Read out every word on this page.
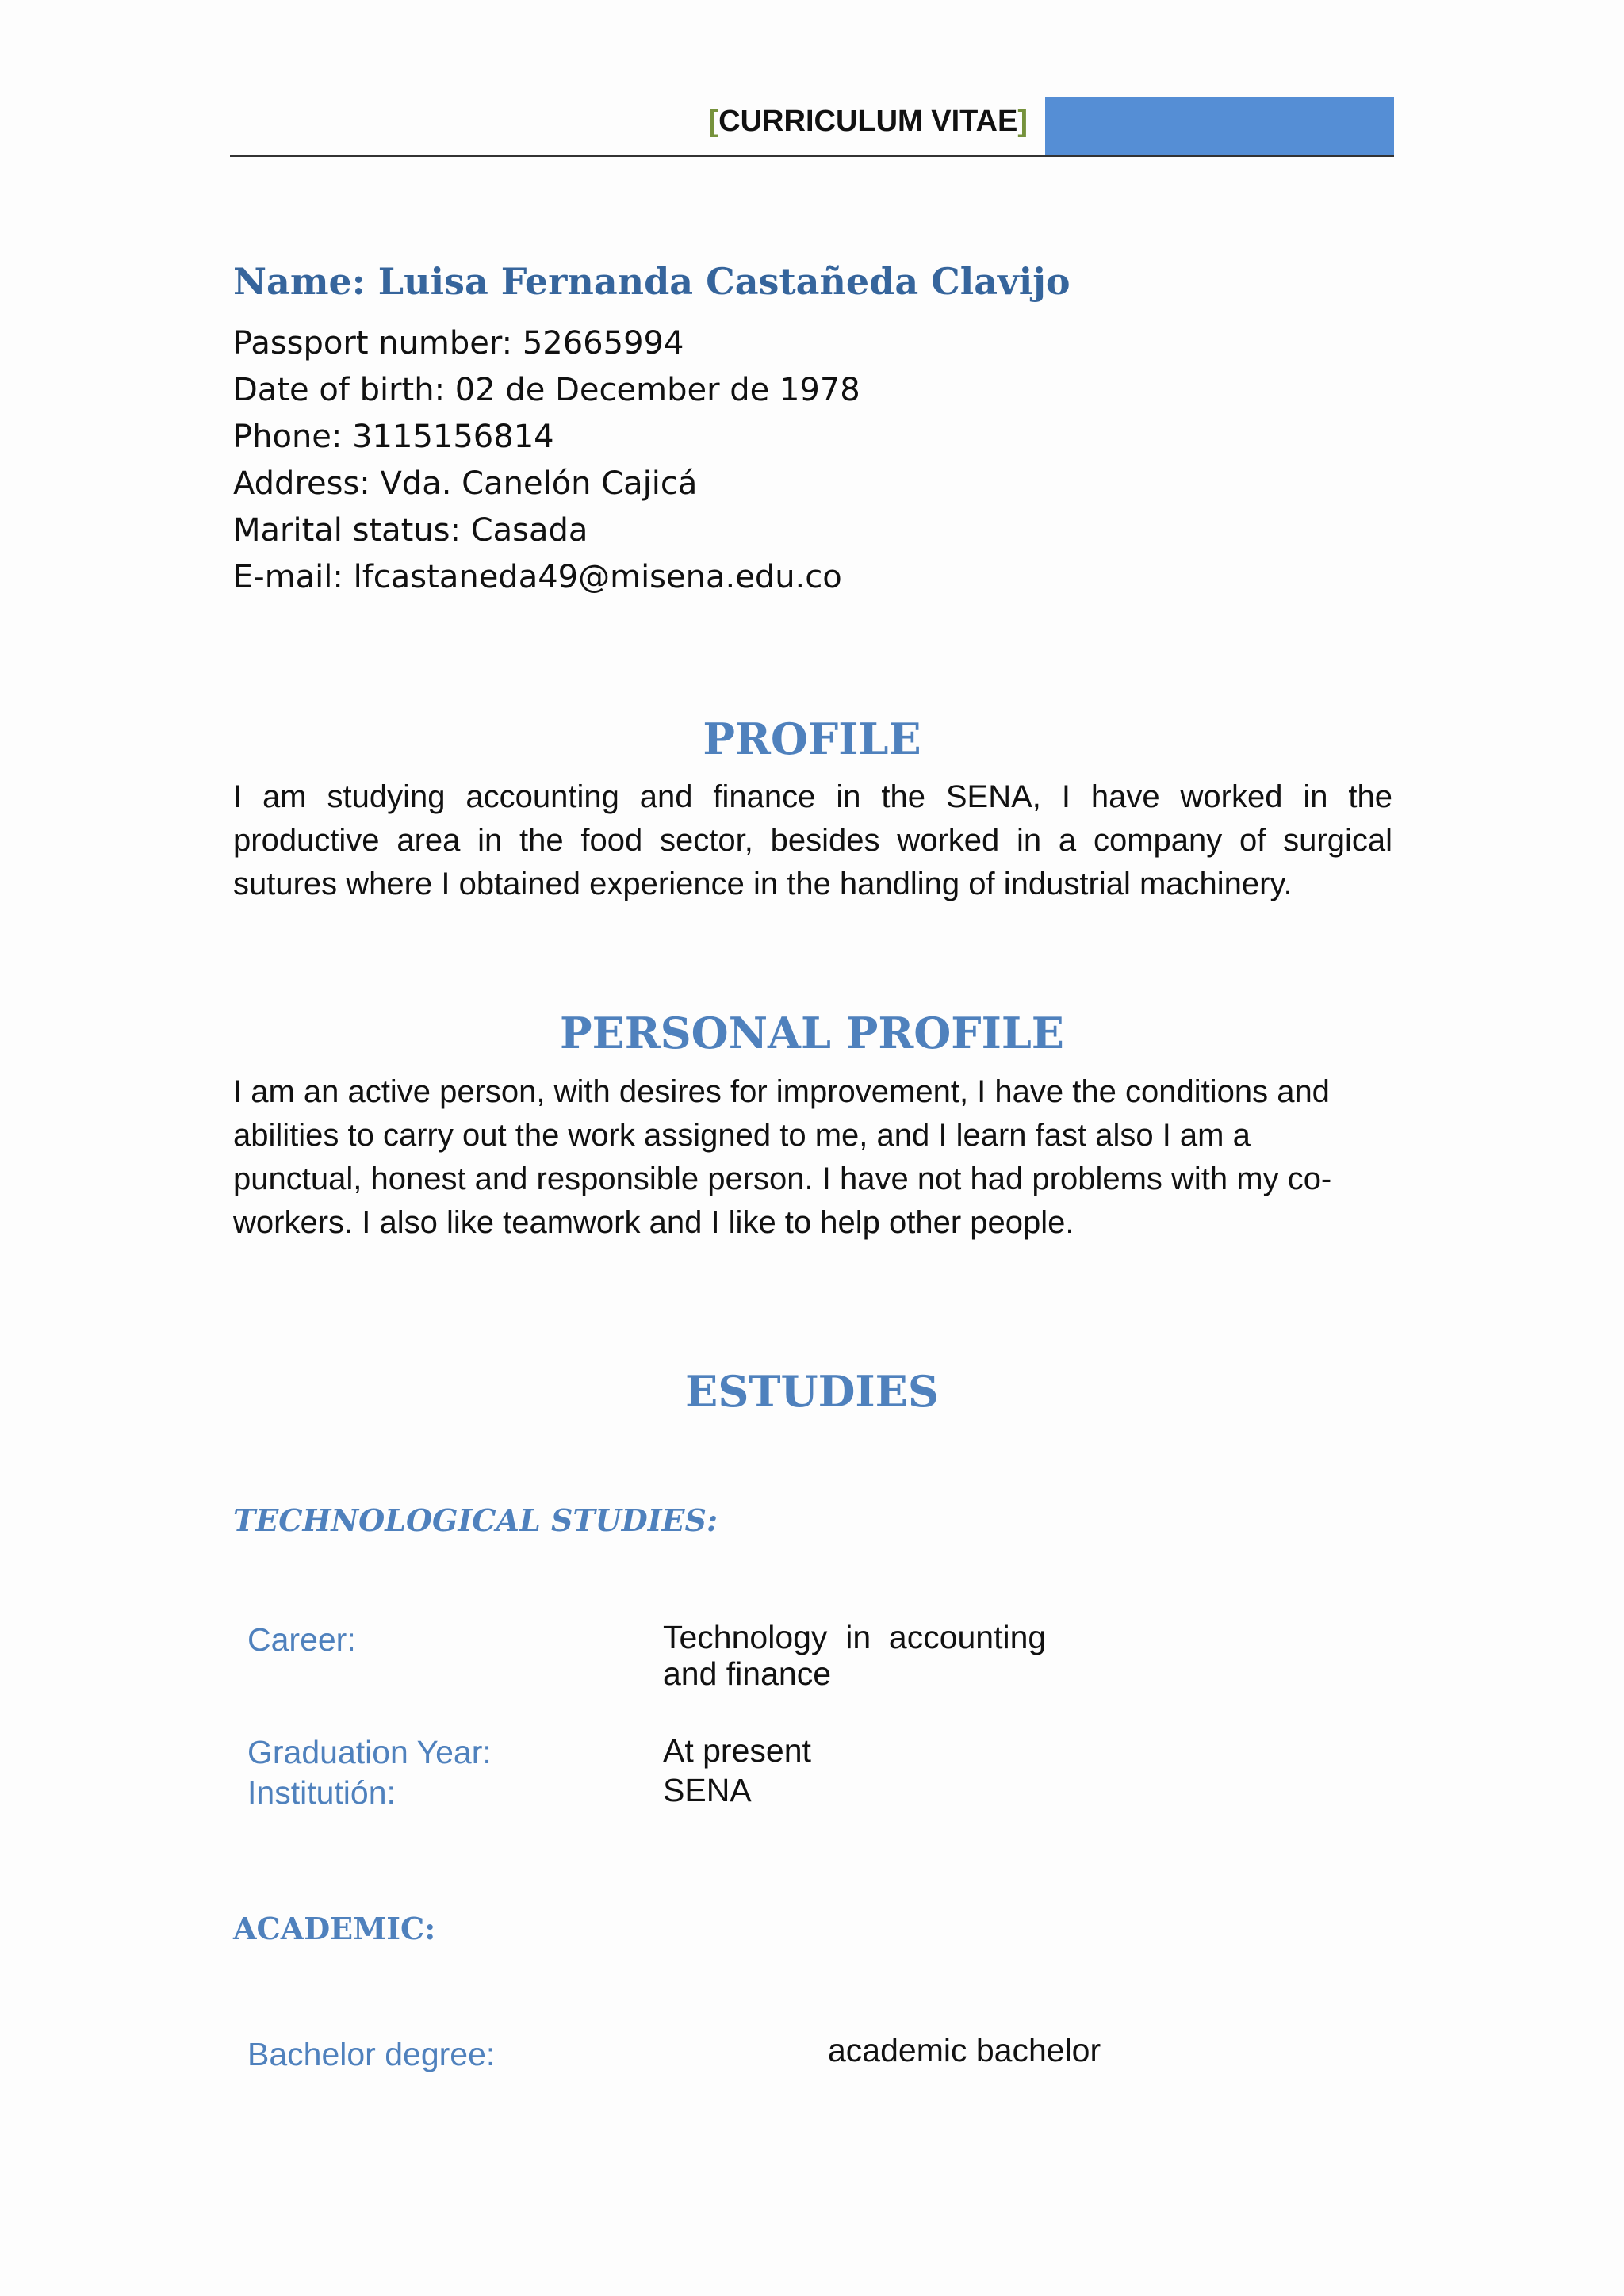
[CURRICULUM VITAE]
Name: Luisa Fernanda Castañeda Clavijo
Passport number: 52665994
Date of birth: 02 de December de 1978
Phone: 3115156814
Address: Vda. Canelón Cajicá
Marital status: Casada
E-mail: lfcastaneda49@misena.edu.co
PROFILE
I am studying accounting and finance in the SENA, I have worked in the productive area in the food sector, besides worked in a company of surgical sutures where I obtained experience in the handling of industrial machinery.
PERSONAL PROFILE
I am an active person, with desires for improvement, I have the conditions and
abilities to carry out the work assigned to me, and I learn fast also I am a
punctual, honest and responsible person. I have not had problems with my co-
workers. I also like teamwork and I like to help other people.
ESTUDIES
TECHNOLOGICAL STUDIES:
Career:	Technology  in  accounting
and finance
Graduation Year:	At present
Institutión:	SENA
ACADEMIC:
Bachelor degree:	academic bachelor
